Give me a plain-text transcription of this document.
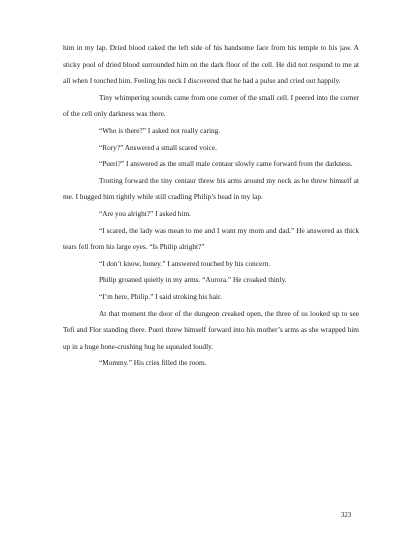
him in my lap. Dried blood caked the left side of his handsome face from his temple to his jaw. A sticky pool of dried blood surrounded him on the dark floor of the cell. He did not respond to me at all when I touched him. Feeling his neck I discovered that he had a pulse and cried out happily.

Tiny whimpering sounds came from one corner of the small cell. I peered into the corner of the cell only darkness was there.

“Who is there?” I asked not really caring.

“Rory?” Answered a small scared voice.

“Pueri?” I answered as the small male centaur slowly came forward from the darkness.

Trotting forward the tiny centaur threw his arms around my neck as he threw himself at me. I hugged him tightly while still cradling Philip’s head in my lap.

“Are you alright?” I asked him.

“I scared, the lady was mean to me and I want my mom and dad.” He answered as thick tears fell from his large eyes. “Is Philip alright?”

“I don’t know, honey.” I answered touched by his concern.

Philip groaned quietly in my arms. “Aurora.” He croaked thinly.

“I’m here, Philip.” I said stroking his hair.

At that moment the door of the dungeon creaked open, the three of us looked up to see Tefi and Flor standing there. Pueri threw himself forward into his mother’s arms as she wrapped him up in a huge bone-crushing hug he squealed loudly.

“Mommy.” His cries filled the room.

323
